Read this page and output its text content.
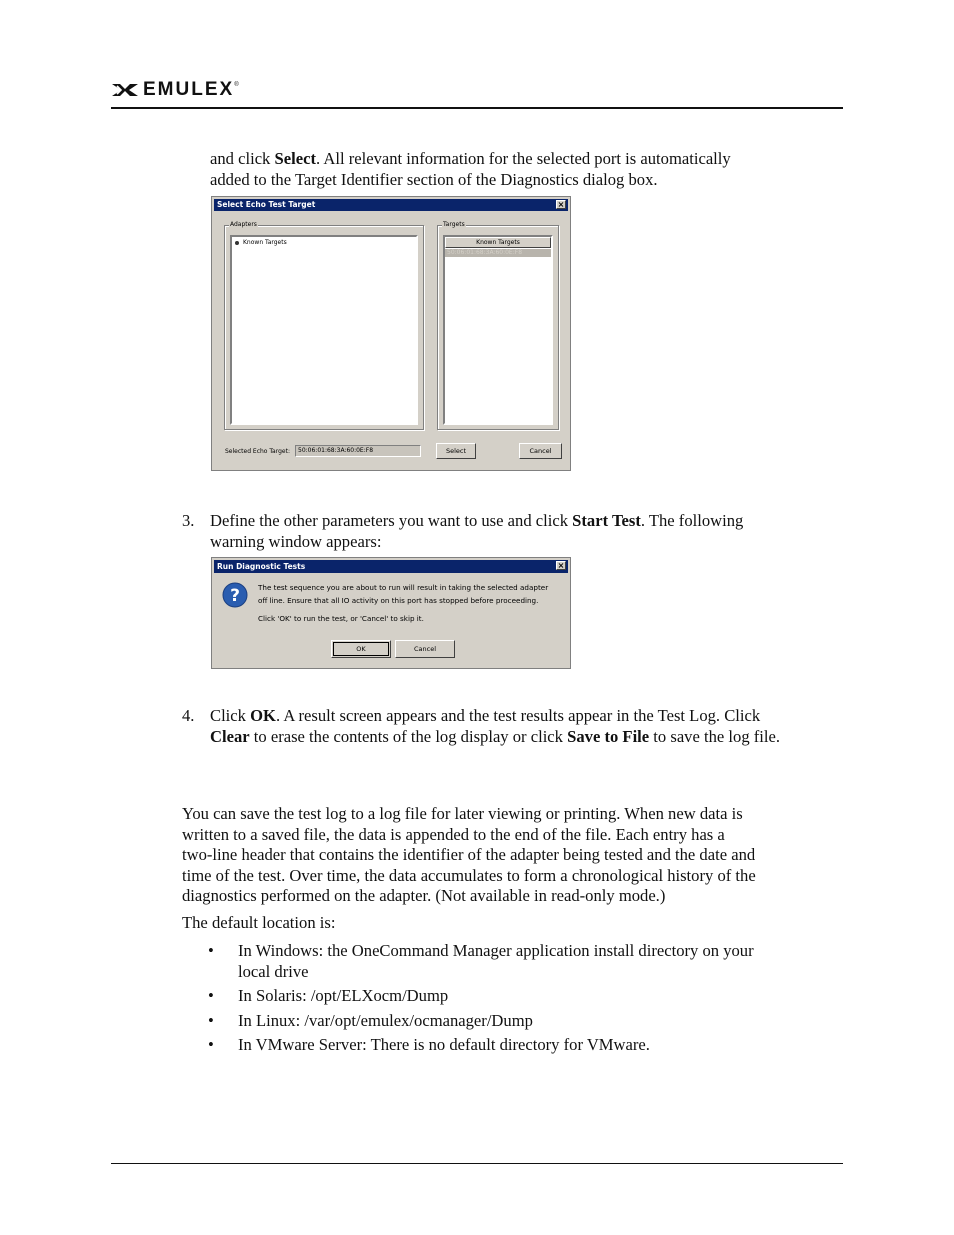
EMULEX ®
and click Select. All relevant information for the selected port is automatically
added to the Target Identifier section of the Diagnostics dialog box.
Select Echo Test Target	×
Adapters
Known Targets
Targets
Known Targets
50:06:01:68:3A:60:0E:F8
Selected Echo Target:	50:06:01:68:3A:60:0E:F8	Select	Cancel
3. Define the other parameters you want to use and click Start Test. The following
warning window appears:
Run Diagnostic Tests	×
?	The test sequence you are about to run will result in taking the selected adapter
off line. Ensure that all IO activity on this port has stopped before proceeding.
Click 'OK' to run the test, or 'Cancel' to skip it.
OK	Cancel
4. Click OK. A result screen appears and the test results appear in the Test Log. Click
Clear to erase the contents of the log display or click Save to File to save the log file.
You can save the test log to a log file for later viewing or printing. When new data is
written to a saved file, the data is appended to the end of the file. Each entry has a
two-line header that contains the identifier of the adapter being tested and the date and
time of the test. Over time, the data accumulates to form a chronological history of the
diagnostics performed on the adapter. (Not available in read-only mode.)
The default location is:
• In Windows: the OneCommand Manager application install directory on your
local drive
• In Solaris: /opt/ELXocm/Dump
• In Linux: /var/opt/emulex/ocmanager/Dump
• In VMware Server: There is no default directory for VMware.
